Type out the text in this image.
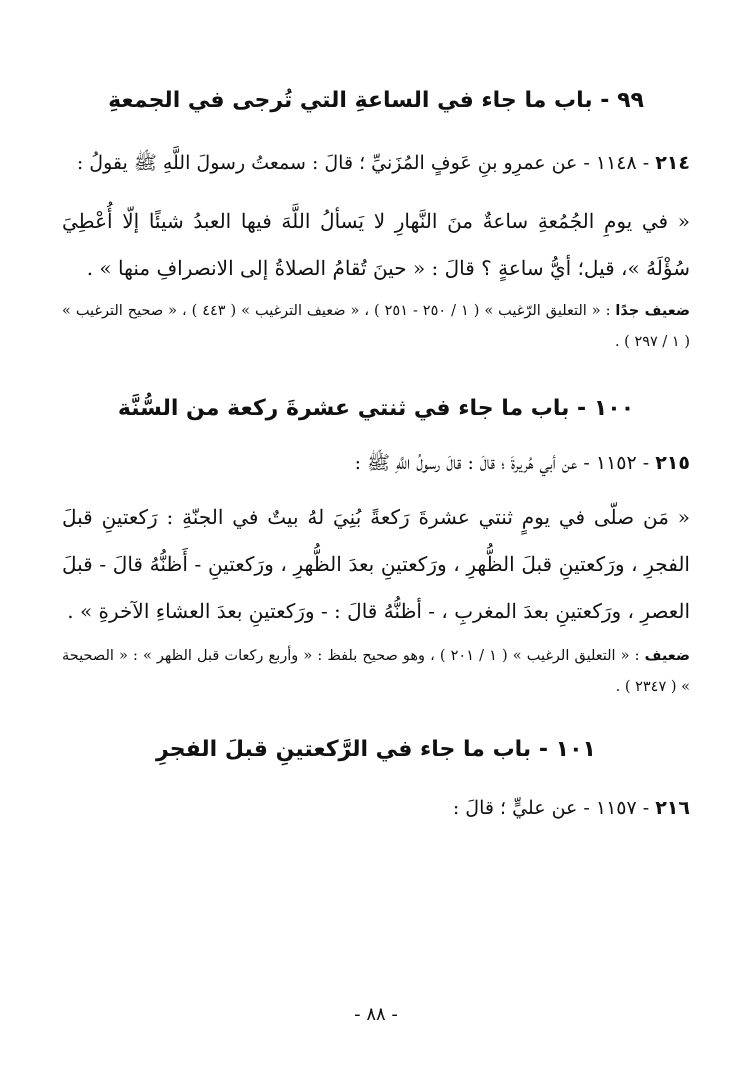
٩٩ - باب ما جاء في الساعةِ التي تُرجى في الجمعةِ

٢١٤ - ١١٤٨ - عن عمرِو بنِ عَوفٍ المُزَنيِّ ؛ قالَ : سمعتُ رسولَ اللَّهِ ﷺ يقولُ :

« في يومِ الجُمُعةِ ساعةٌ منَ النَّهارِ لا يَسألُ اللَّهَ فيها العبدُ شيئًا إلّا أُعْطِيَ سُؤْلَهُ »، قيل؛ أيُّ ساعةٍ ؟ قالَ : « حينَ تُقامُ الصلاةُ إلى الانصرافِ منها » .

ضعيف جدًا : « التعليق الرّغيب » ( ١ / ٢٥٠ - ٢٥١ ) ، « ضعيف الترغيب » ( ٤٤٣ ) ، « صحيح الترغيب » ( ١ / ٢٩٧ ) .

١٠٠ - باب ما جاء في ثنتي عشرةَ ركعة من السُّنَّة

٢١٥ - ١١٥٢ - عن أبي هُريرةَ ؛ قالَ : قالَ رسولُ اللَّهِ ﷺ :

« مَن صلّى في يومٍ ثنتي عشرةَ رَكعةً بُنِيَ لهُ بيتٌ في الجنّةِ : رَكعتينِ قبلَ الفجرِ ، ورَكعتينِ قبلَ الظُّهرِ ، ورَكعتينِ بعدَ الظُّهرِ ، ورَكعتينِ - أَظنُّهُ قالَ - قبلَ العصرِ ، ورَكعتينِ بعدَ المغربِ ، - أظنُّهُ قالَ : - ورَكعتينِ بعدَ العشاءِ الآخرةِ » .

ضعيف : « التعليق الرغيب » ( ١ / ٢٠١ ) ، وهو صحيح بلفظ : « وأربع ركعات قبل الظهر » : « الصحيحة » ( ٢٣٤٧ ) .

١٠١ - باب ما جاء في الرَّكعتينِ قبلَ الفجرِ

٢١٦ - ١١٥٧ - عن عليٍّ ؛ قالَ :

- ٨٨ -
